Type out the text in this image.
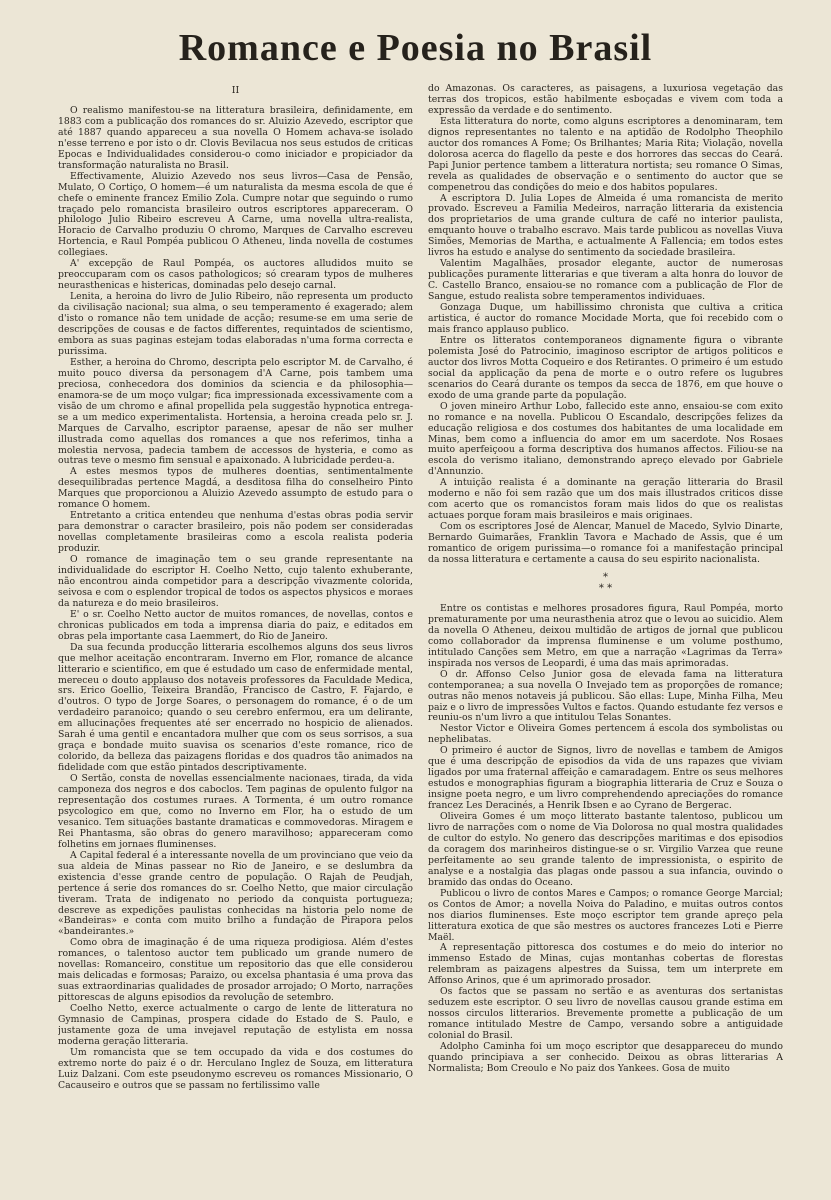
Romance e Poesia no Brasil
II

O realismo manifestou-se na litteratura brasileira, definidamente, em 1883 com a publicação dos romances do sr. Aluizio Azevedo, escriptor que até 1887 quando appareceu a sua novella O Homem achava-se isolado n'esse terreno e por isto o dr. Clovis Bevilacua nos seus estudos de criticas Epocas e Individualidades considerou-o como iniciador e propiciador da transformação naturalista no Brasil.

Effectivamente, Aluizio Azevedo nos seus livros—Casa de Pensão, Mulato, O Cortiço, O homem—é um naturalista da mesma escola de que é chefe o eminente francez Emilio Zola. Cumpre notar que seguindo o rumo traçado pelo romancista brasileiro outros escriptores appareceram. O philologo Julio Ribeiro escreveu A Carne, uma novella ultra-realista, Horacio de Carvalho produziu O chromo, Marques de Carvalho escreveu Hortencia, e Raul Pompéa publicou O Atheneu, linda novella de costumes collegiaes.

A' excepção de Raul Pompéa, os auctores alludidos muito se preoccuparam com os casos pathologicos; só crearam typos de mulheres neurasthenicas e histericas, dominadas pelo desejo carnal.

Lenita, a heroina do livro de Julio Ribeiro, não representa um producto da civilisação nacional; sua alma, o seu temperamento é exagerado; alem d'isto o romance não tem unidade de acção; resume-se em uma serie de descripções de cousas e de factos differentes, requintados de scientismo, embora as suas paginas estejam todas elaboradas n'uma forma correcta e purissima.

Esther, a heroina do Chromo, descripta pelo escriptor M. de Carvalho, é muito pouco diversa da personagem d'A Carne, pois tambem uma preciosa, conhecedora dos dominios da sciencia e da philosophia—enamora-se de um moço vulgar; fica impressionada excessivamente com a visão de um chromo e afinal propellida pela suggestão hypnotica entrega-se a um medico experimentalista. Hortensia, a heroina creada pelo sr. J. Marques de Carvalho, escriptor paraense, apesar de não ser mulher illustrada como aquellas dos romances a que nos referimos, tinha a molestia nervosa, padecia tambem de accessos de hysteria, e como as outras teve o mesmo fim sensual e apaixonado. A lubricidade perdeu-a.

A estes mesmos typos de mulheres doentias, sentimentalmente desequilibradas pertence Magdá, a desditosa filha do conselheiro Pinto Marques que proporcionou a Aluizio Azevedo assumpto de estudo para o romance O homem.

Entretanto a critica entendeu que nenhuma d'estas obras podia servir para demonstrar o caracter brasileiro, pois não podem ser consideradas novellas completamente brasileiras como a escola realista poderia produzir.

O romance de imaginação tem o seu grande representante na individualidade do escriptor H. Coelho Netto, cujo talento exhuberante, não encontrou ainda competidor para a descripção vivazmente colorida, seivosa e com o esplendor tropical de todos os aspectos physicos e moraes da natureza e do meio brasileiros.

E' o sr. Coelho Netto auctor de muitos romances, de novellas, contos e chronicas publicados em toda a imprensa diaria do paiz, e editados em obras pela importante casa Laemmert, do Rio de Janeiro.

Da sua fecunda producção litteraria escolhemos alguns dos seus livros que melhor aceitação encontraram. Inverno em Flor, romance de alcance litterario e scientifico, em que é estudado um caso de enfermidade mental, mereceu o douto applauso dos notaveis professores da Faculdade Medica, srs. Erico Goellio, Teixeira Brandão, Francisco de Castro, F. Fajardo, e d'outros. O typo de Jorge Soares, o personagem do romance, é o de um verdadeiro paranoico; quando o seu cerebro enfermou, era um delirante, em allucinações frequentes até ser encerrado no hospicio de alienados. Sarah é uma gentil e encantadora mulher que com os seus sorrisos, a sua graça e bondade muito suavisa os scenarios d'este romance, rico de colorido, da belleza das paizagens floridas e dos quadros tão animados na fidelidade com que estão pintados descriptivamente.

O Sertão, consta de novellas essencialmente nacionaes, tirada, da vida camponeza dos negros e dos caboclos. Tem paginas de opulento fulgor na representação dos costumes ruraes. A Tormenta, é um outro romance psycologico em que, como no Inverno em Flor, ha o estudo de um vesanico. Tem situações bastante dramaticas e commovedoras. Miragem e Rei Phantasma, são obras do genero maravilhoso; appareceram como folhetins em jornaes fluminenses.

A Capital federal é a interessante novella de um provinciano que veio da sua aldeia de Minas passear no Rio de Janeiro, e se deslumbra da existencia d'esse grande centro de população. O Rajah de Peudjah, pertence á serie dos romances do sr. Coelho Netto, que maior circulação tiveram. Trata de indigenato no periodo da conquista portugueza; descreve as expedições paulistas conhecidas na historia pelo nome de «Bandeiras» e conta com muito brilho a fundação de Pirapora pelos «bandeirantes.»

Como obra de imaginação é de uma riqueza prodigiosa. Além d'estes romances, o talentoso auctor tem publicado um grande numero de novellas: Romanceiro, constitue um repositorio das que elle considerou mais delicadas e formosas; Paraizo, ou excelsa phantasia é uma prova das suas extraordinarias qualidades de prosador arrojado; O Morto, narrações pittorescas de alguns episodios da revolução de setembro.

Coelho Netto, exerce actualmente o cargo de lente de litteratura no Gymnasio de Campinas, prospera cidade do Estado de S. Paulo, e justamente goza de uma invejavel reputação de estylista em nossa moderna geração litteraria.

Um romancista que se tem occupado da vida e dos costumes do extremo norte do paiz é o dr. Herculano Inglez de Souza, em litteratura Luiz Dalzani. Com este pseudonymo escreveu os romances Missionario, O Cacauseiro e outros que se passam no fertilissimo valle

do Amazonas. Os caracteres, as paisagens, a luxuriosa vegetação das terras dos tropicos, estão habilmente esboçadas e vivem com toda a expressão da verdade e do sentimento.

Esta litteratura do norte, como alguns escriptores a denominaram, tem dignos representantes no talento e na aptidão de Rodolpho Theophilo auctor dos romances A Fome; Os Brilhantes; Maria Rita; Violação, novella dolorosa acerca do flagello da peste e dos horrores das seccas do Ceará. Papi Junior pertence tambem a litteratura nortista; seu romance O Simas, revela as qualidades de observação e o sentimento do auctor que se compenetrou das condições do meio e dos habitos populares.

A escriptora D. Julia Lopes de Almeida é uma romancista de merito provado. Escreveu a Familia Medeiros, narração litteraria da existencia dos proprietarios de uma grande cultura de café no interior paulista, emquanto houve o trabalho escravo. Mais tarde publicou as novellas Viuva Simões, Memorias de Martha, e actualmente A Fallencia; em todos estes livros ha estudo e analyse do sentimento da sociedade brasileira.

Valentim Magalhães, prosador elegante, auctor de numerosas publicações puramente litterarias e que tiveram a alta honra do louvor de C. Castello Branco, ensaiou-se no romance com a publicação de Flor de Sangue, estudo realista sobre temperamentos individuaes.

Gonzaga Duque, um habillissimo chronista que cultiva a critica artistica, é auctor do romance Mocidade Morta, que foi recebido com o mais franco applauso publico.

Entre os litteratos contemporaneos dignamente figura o vibrante polemista José do Patrocinio, imaginoso escriptor de artigos politicos e auctor dos livros Motta Coqueiro e dos Retirantes. O primeiro é um estudo social da applicação da pena de morte e o outro refere os lugubres scenarios do Ceará durante os tempos da secca de 1876, em que houve o exodo de uma grande parte da população.

O joven mineiro Arthur Lobo, fallecido este anno, ensaiou-se com exito no romance e na novella. Publicou O Escandalo, descripções felizes da educação religiosa e dos costumes dos habitantes de uma localidade em Minas, bem como a influencia do amor em um sacerdote. Nos Rosaes muito aperfeiçoou a forma descriptiva dos humanos affectos. Filiou-se na escola do verismo italiano, demonstrando apreço elevado por Gabriele d'Annunzio.

A intuição realista é a dominante na geração litteraria do Brasil moderno e não foi sem razão que um dos mais illustrados criticos disse com acerto que os romancistos foram mais lidos do que os realistas actuaes porque foram mais brasileiros e mais originaes.

Com os escriptores José de Alencar, Manuel de Macedo, Sylvio Dinarte, Bernardo Guimarães, Franklin Tavora e Machado de Assis, que é um romantico de origem purissima—o romance foi a manifestação principal da nossa litteratura e certamente a causa do seu espirito nacionalista.

*
* *

Entre os contistas e melhores prosadores figura, Raul Pompéa, morto prematuramente por uma neurasthenia atroz que o levou ao suicidio. Alem da novella O Atheneu, deixou multidão de artigos de jornal que publicou como collaborador da imprensa fluminense e um volume posthumo, intitulado Canções sem Metro, em que a narração «Lagrimas da Terra» inspirada nos versos de Leopardi, é uma das mais aprimoradas.

O dr. Affonso Celso Junior gosa de elevada fama na litteratura contemporanea; a sua novella O Invejado tem as proporções de romance; outras não menos notaveis já publicou. São ellas: Lupe, Minha Filha, Meu paiz e o livro de impressões Vultos e factos. Quando estudante fez versos e reuniu-os n'um livro a que intitulou Telas Sonantes.

Nestor Victor e Oliveira Gomes pertencem á escola dos symbolistas ou nephelibatas.

O primeiro é auctor de Signos, livro de novellas e tambem de Amigos que é uma descripção de episodios da vida de uns rapazes que viviam ligados por uma fraternal affeição e camaradagem. Entre os seus melhores estudos e monographias figuram a biographia litteraria de Cruz e Souza o insigne poeta negro, e um livro comprehendendo apreciações do romance francez Les Deracinés, a Henrik Ibsen e ao Cyrano de Bergerac.

Oliveira Gomes é um moço litterato bastante talentoso, publicou um livro de narrações com o nome de Via Dolorosa no qual mostra qualidades de cultor do estylo. No genero das descripções maritimas e dos episodios da coragem dos marinheiros distingue-se o sr. Virgilio Varzea que reune perfeitamente ao seu grande talento de impressionista, o espirito de analyse e a nostalgia das plagas onde passou a sua infancia, ouvindo o bramido das ondas do Oceano.

Publicou o livro de contos Mares e Campos; o romance George Marcial; os Contos de Amor; a novella Noiva do Paladino, e muitas outros contos nos diarios fluminenses. Este moço escriptor tem grande apreço pela litteratura exotica de que são mestres os auctores francezes Loti e Pierre Maël.

A representação pittoresca dos costumes e do meio do interior no immenso Estado de Minas, cujas montanhas cobertas de florestas relembram as paizagens alpestres da Suissa, tem um interprete em Affonso Arinos, que é um aprimorado prosador.

Os factos que se passam no sertão e as aventuras dos sertanistas seduzem este escriptor. O seu livro de novellas causou grande estima em nossos circulos litterarios. Brevemente promette a publicação de um romance intitulado Mestre de Campo, versando sobre a antiguidade colonial do Brasil.

Adolpho Caminha foi um moço escriptor que desappareceu do mundo quando principiava a ser conhecido. Deixou as obras litterarias A Normalista; Bom Creoulo e No paiz dos Yankees. Gosa de muito
